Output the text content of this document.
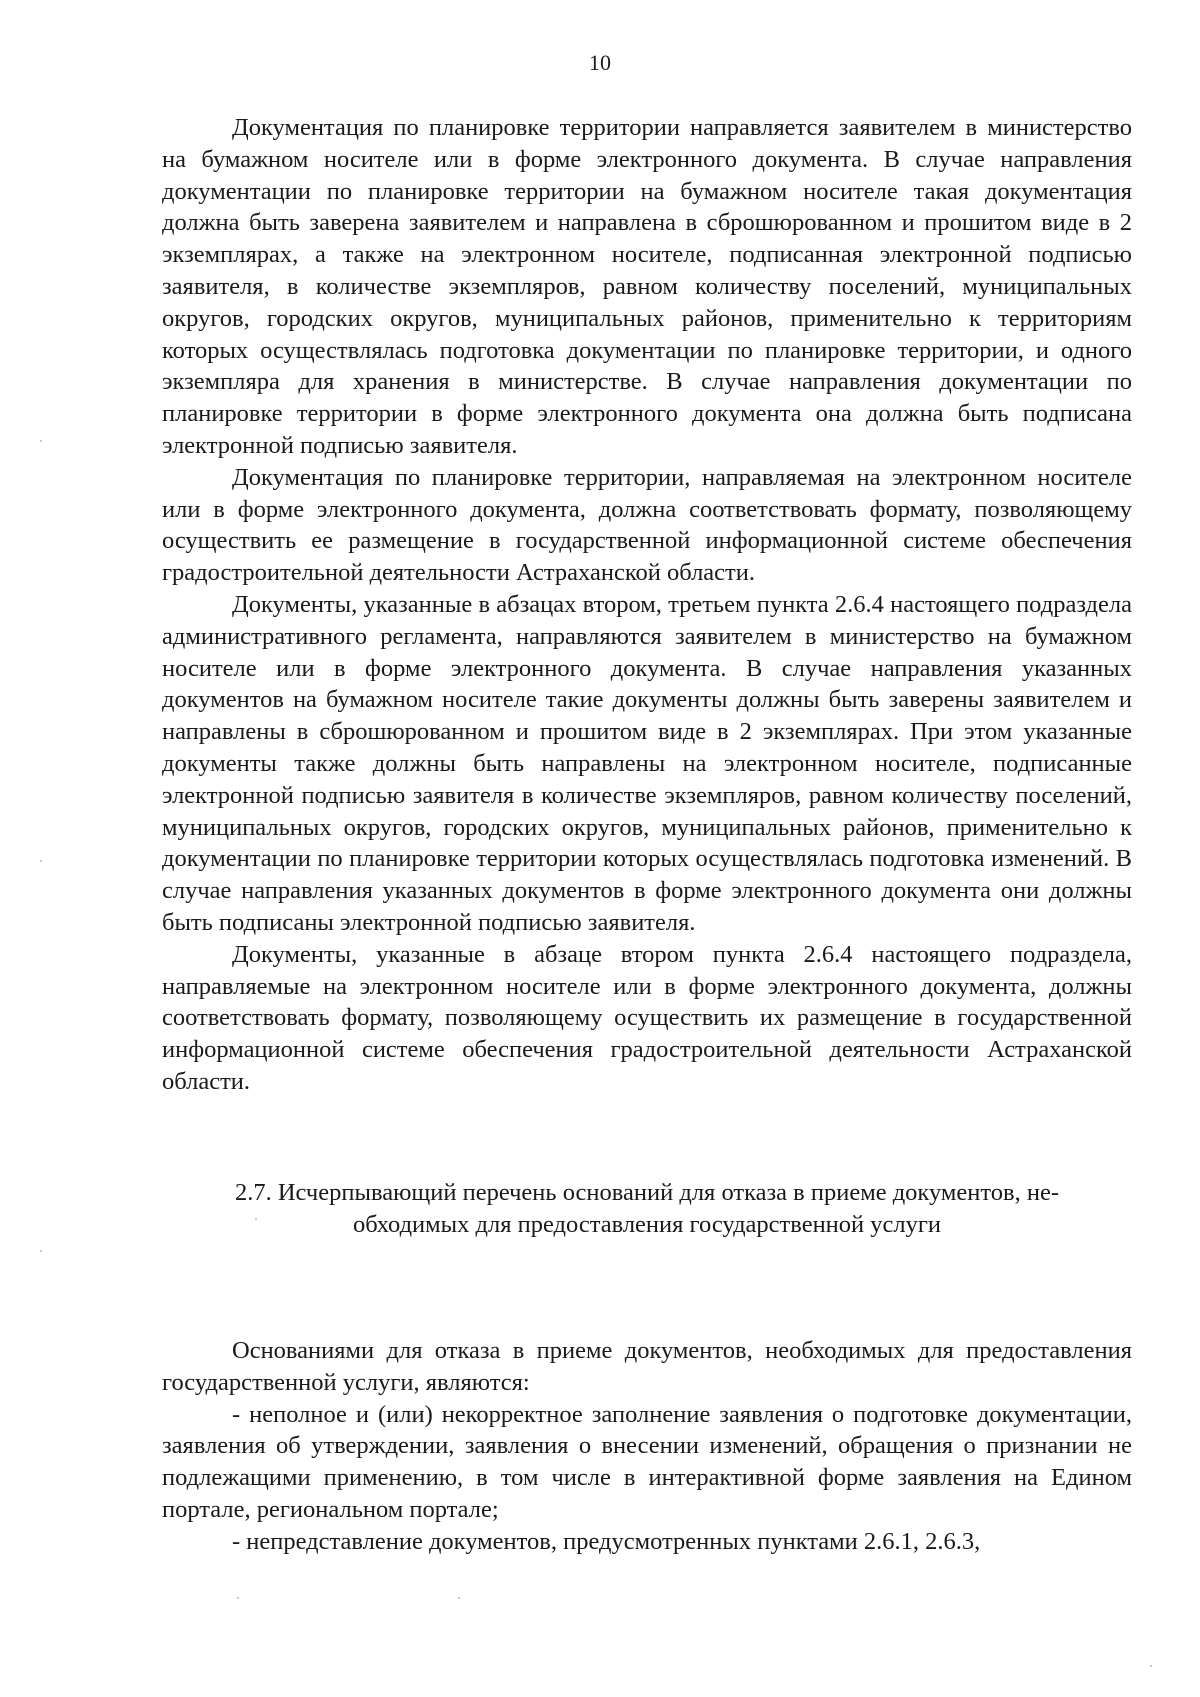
10

Документация по планировке территории направляется заявителем в министерство на бумажном носителе или в форме электронного документа. В случае направления документации по планировке территории на бумажном носителе такая документация должна быть заверена заявителем и направлена в сброшюрованном и прошитом виде в 2 экземплярах, а также на электронном носителе, подписанная электронной подписью заявителя, в количестве экземпляров, равном количеству поселений, муниципальных округов, городских округов, муниципальных районов, применительно к территориям которых осуществлялась подготовка документации по планировке территории, и одного экземпляра для хранения в министерстве. В случае направления документации по планировке территории в форме электронного документа она должна быть подписана электронной подписью заявителя.

Документация по планировке территории, направляемая на электронном носителе или в форме электронного документа, должна соответствовать формату, позволяющему осуществить ее размещение в государственной информационной системе обеспечения градостроительной деятельности Астраханской области.

Документы, указанные в абзацах втором, третьем пункта 2.6.4 настоящего подраздела административного регламента, направляются заявителем в министерство на бумажном носителе или в форме электронного документа. В случае направления указанных документов на бумажном носителе такие документы должны быть заверены заявителем и направлены в сброшюрованном и прошитом виде в 2 экземплярах. При этом указанные документы также должны быть направлены на электронном носителе, подписанные электронной подписью заявителя в количестве экземпляров, равном количеству поселений, муниципальных округов, городских округов, муниципальных районов, применительно к документации по планировке территории которых осуществлялась подготовка изменений. В случае направления указанных документов в форме электронного документа они должны быть подписаны электронной подписью заявителя.

Документы, указанные в абзаце втором пункта 2.6.4 настоящего подраздела, направляемые на электронном носителе или в форме электронного документа, должны соответствовать формату, позволяющему осуществить их размещение в государственной информационной системе обеспечения градостроительной деятельности Астраханской области.

2.7. Исчерпывающий перечень оснований для отказа в приеме документов, не-

обходимых для предоставления государственной услуги

Основаниями для отказа в приеме документов, необходимых для предоставления государственной услуги, являются:

- неполное и (или) некорректное заполнение заявления о подготовке документации, заявления об утверждении, заявления о внесении изменений, обращения о признании не подлежащими применению, в том числе в интерактивной форме заявления на Едином портале, региональном портале;

- непредставление документов, предусмотренных пунктами 2.6.1, 2.6.3,
